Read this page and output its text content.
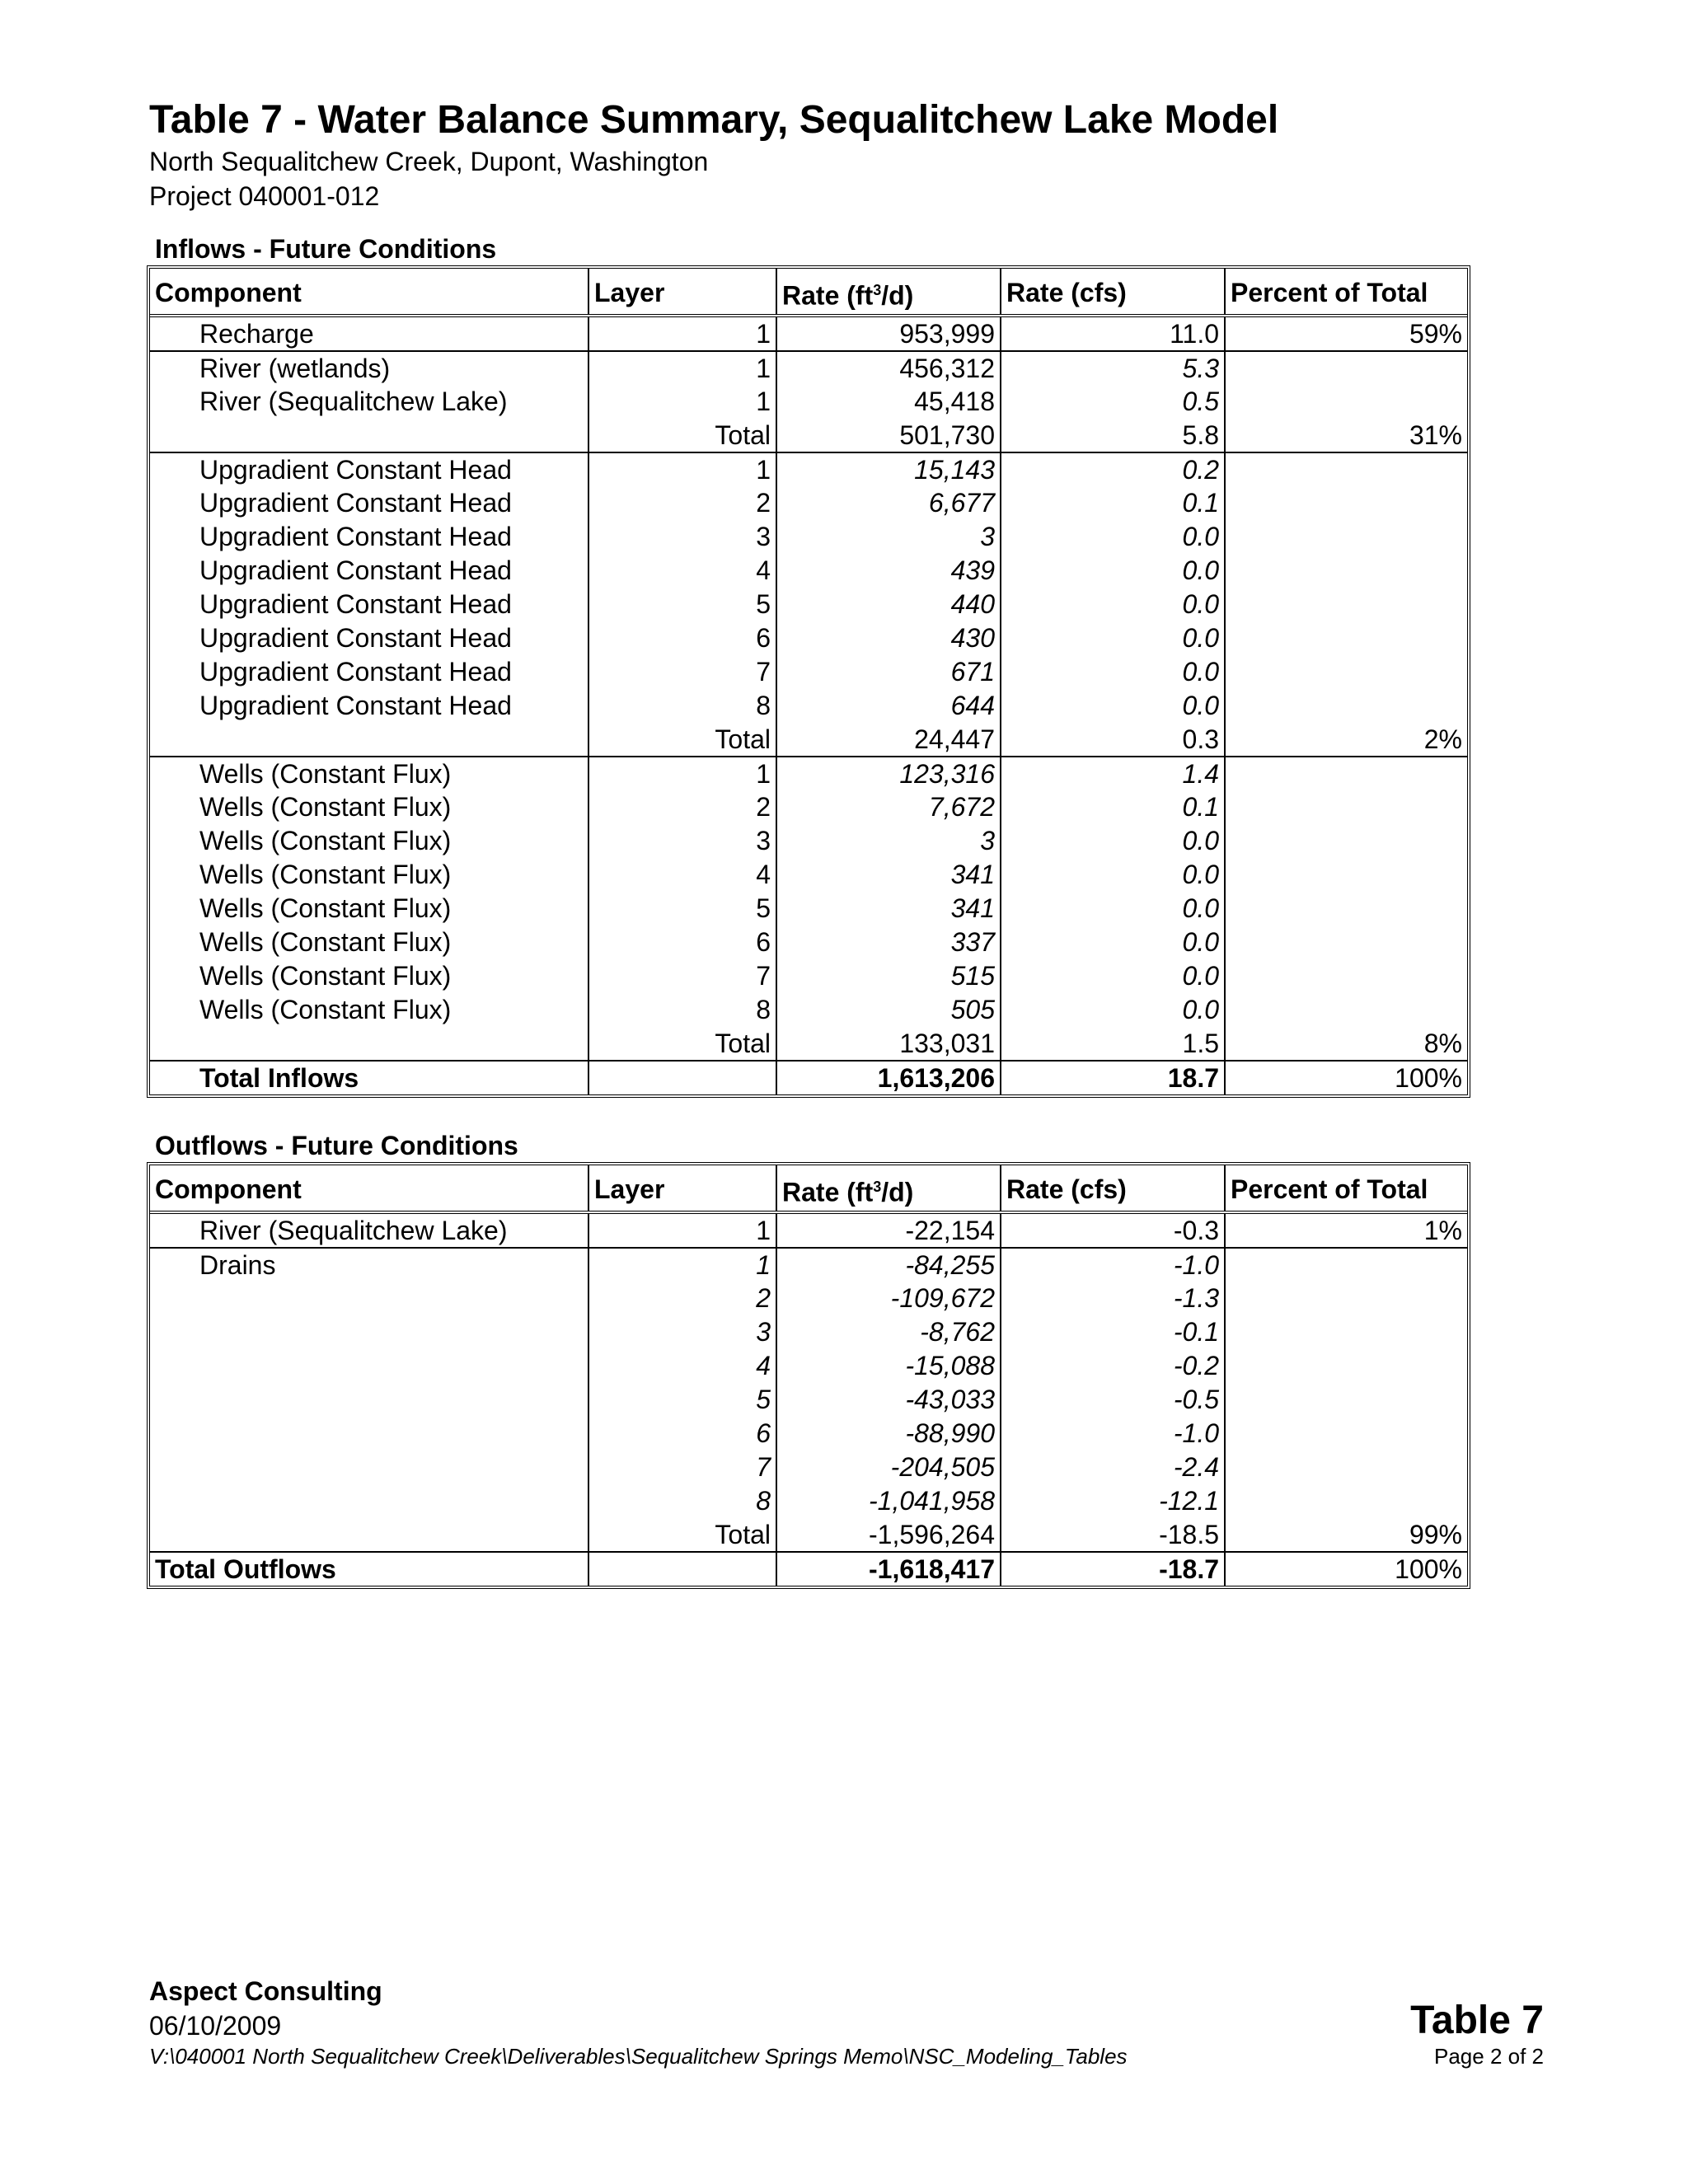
Table 7 - Water Balance Summary, Sequalitchew Lake Model
North Sequalitchew Creek, Dupont, Washington
Project 040001-012
Inflows - Future Conditions
Component	Layer	Rate $(ft^3/d)$	Rate (cfs)	Percent of Total
Recharge	1	953,999	11.0	59%
River (wetlands)	1	456,312	5.3	
River (Sequalitchew Lake)	1	45,418	0.5	
	Total	501,730	5.8	31%
Upgradient Constant Head	1	15,143	0.2	
Upgradient Constant Head	2	6,677	0.1	
Upgradient Constant Head	3	3	0.0	
Upgradient Constant Head	4	439	0.0	
Upgradient Constant Head	5	440	0.0	
Upgradient Constant Head	6	430	0.0	
Upgradient Constant Head	7	671	0.0	
Upgradient Constant Head	8	644	0.0	
	Total	24,447	0.3	2%
Wells (Constant Flux)	1	123,316	1.4	
Wells (Constant Flux)	2	7,672	0.1	
Wells (Constant Flux)	3	3	0.0	
Wells (Constant Flux)	4	341	0.0	
Wells (Constant Flux)	5	341	0.0	
Wells (Constant Flux)	6	337	0.0	
Wells (Constant Flux)	7	515	0.0	
Wells (Constant Flux)	8	505	0.0	
	Total	133,031	1.5	8%
Total Inflows		1,613,206	18.7	100%
Outflows - Future Conditions
Component	Layer	Rate $(ft^3/d)$	Rate (cfs)	Percent of Total
River (Sequalitchew Lake)	1	-22,154	-0.3	1%
Drains	1	-84,255	-1.0	
	2	-109,672	-1.3	
	3	-8,762	-0.1	
	4	-15,088	-0.2	
	5	-43,033	-0.5	
	6	-88,990	-1.0	
	7	-204,505	-2.4	
	8	-1,041,958	-12.1	
	Total	-1,596,264	-18.5	99%
Total Outflows		-1,618,417	-18.7	100%
Aspect Consulting
06/10/2009
V:\040001 North Sequalitchew Creek\Deliverables\Sequalitchew Springs Memo\NSC_Modeling_Tables
Table 7
Page 2 of 2
